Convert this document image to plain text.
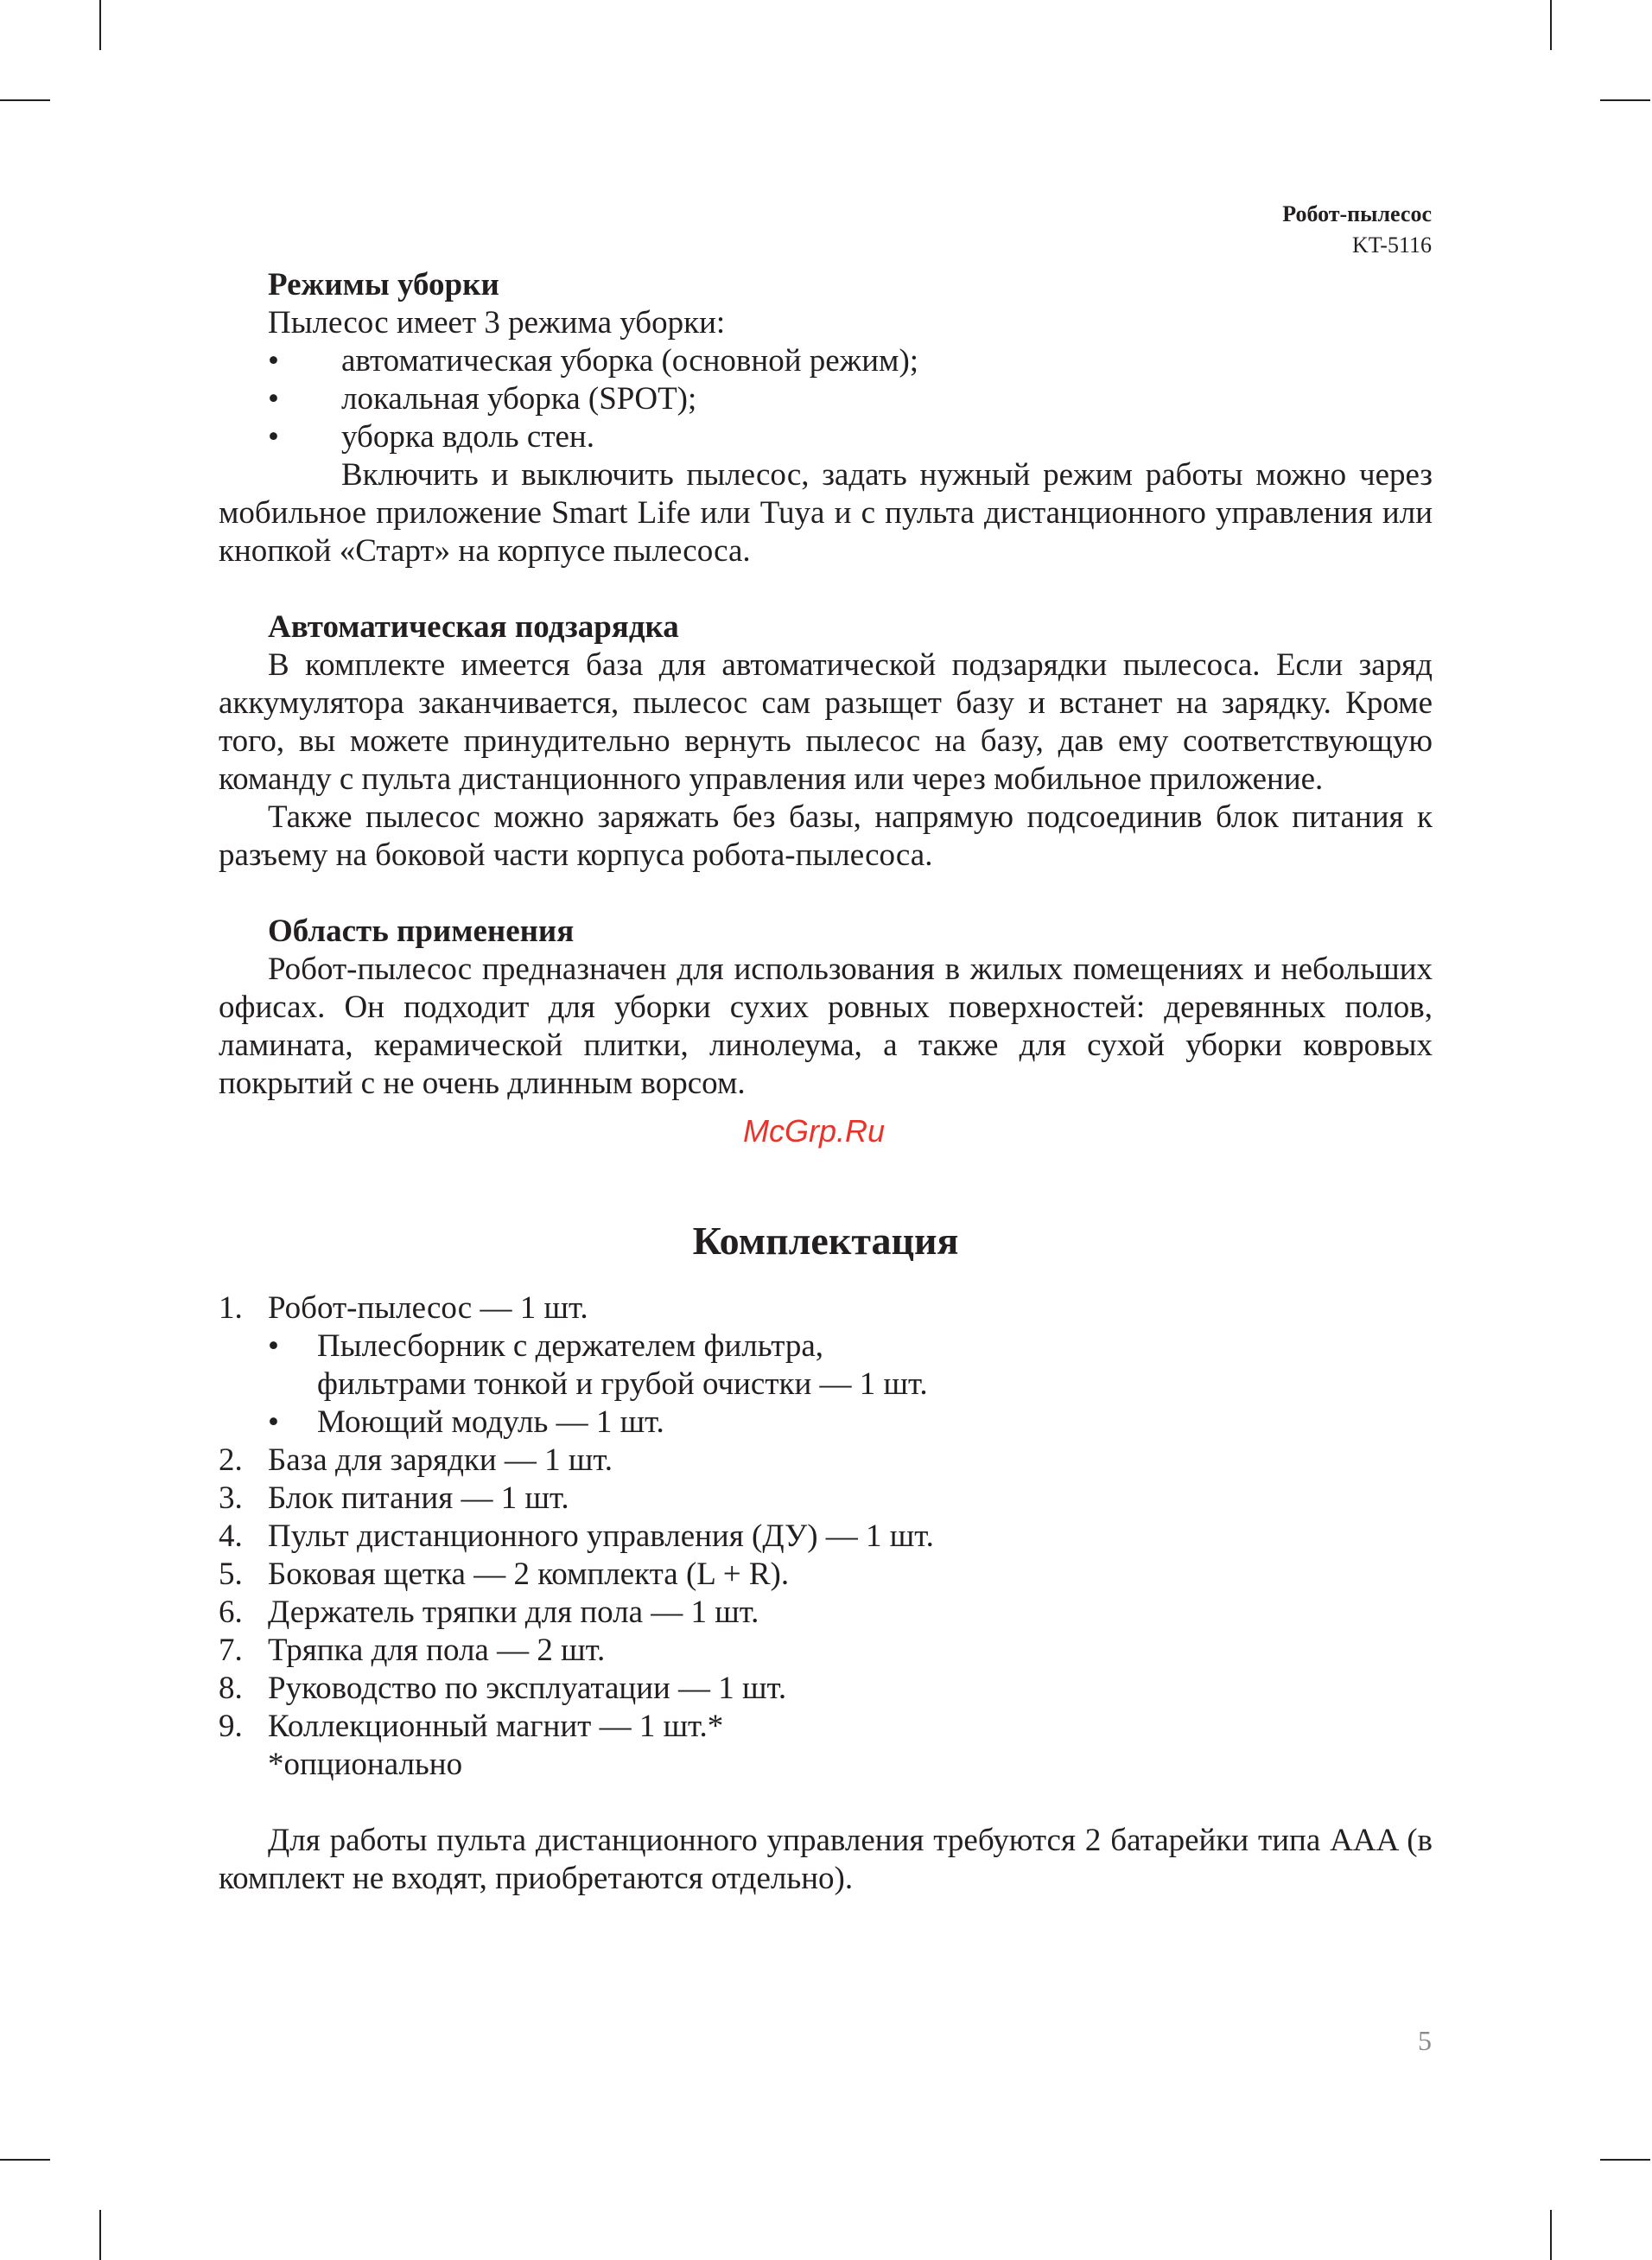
Робот-пылесос
KT-5116

Режимы уборки

Пылесос имеет 3 режима уборки:

• автоматическая уборка (основной режим);
• локальная уборка (SPOT);
• уборка вдоль стен.

Включить и выключить пылесос, задать нужный режим работы можно через мобильное приложение Smart Life или Tuya и с пульта дистанционного управления или кнопкой «Старт» на корпусе пылесоса.

Автоматическая подзарядка

В комплекте имеется база для автоматической подзарядки пылесоса. Если заряд аккумулятора заканчивается, пылесос сам разыщет базу и встанет на зарядку. Кроме того, вы можете принудительно вернуть пылесос на базу, дав ему соответствующую команду с пульта дистанционного управления или через мобильное приложение.

Также пылесос можно заряжать без базы, напрямую подсоединив блок питания к разъему на боковой части корпуса робота-пылесоса.

Область применения

Робот-пылесос предназначен для использования в жилых помещениях и небольших офисах. Он подходит для уборки сухих ровных поверхностей: деревянных полов, ламината, керамической плитки, линолеума, а также для сухой уборки ковровых покрытий с не очень длинным ворсом.

Комплектация

1. Робот-пылесос — 1 шт.
• Пылесборник с держателем фильтра,
фильтрами тонкой и грубой очистки — 1 шт.
• Моющий модуль — 1 шт.
2. База для зарядки — 1 шт.
3. Блок питания — 1 шт.
4. Пульт дистанционного управления (ДУ) — 1 шт.
5. Боковая щетка — 2 комплекта (L + R).
6. Держатель тряпки для пола — 1 шт.
7. Тряпка для пола — 2 шт.
8. Руководство по эксплуатации — 1 шт.
9. Коллекционный магнит — 1 шт.*

*опционально

Для работы пульта дистанционного управления требуются 2 батарейки типа AAA (в комплект не входят, приобретаются отдельно).

McGrp.Ru
5
